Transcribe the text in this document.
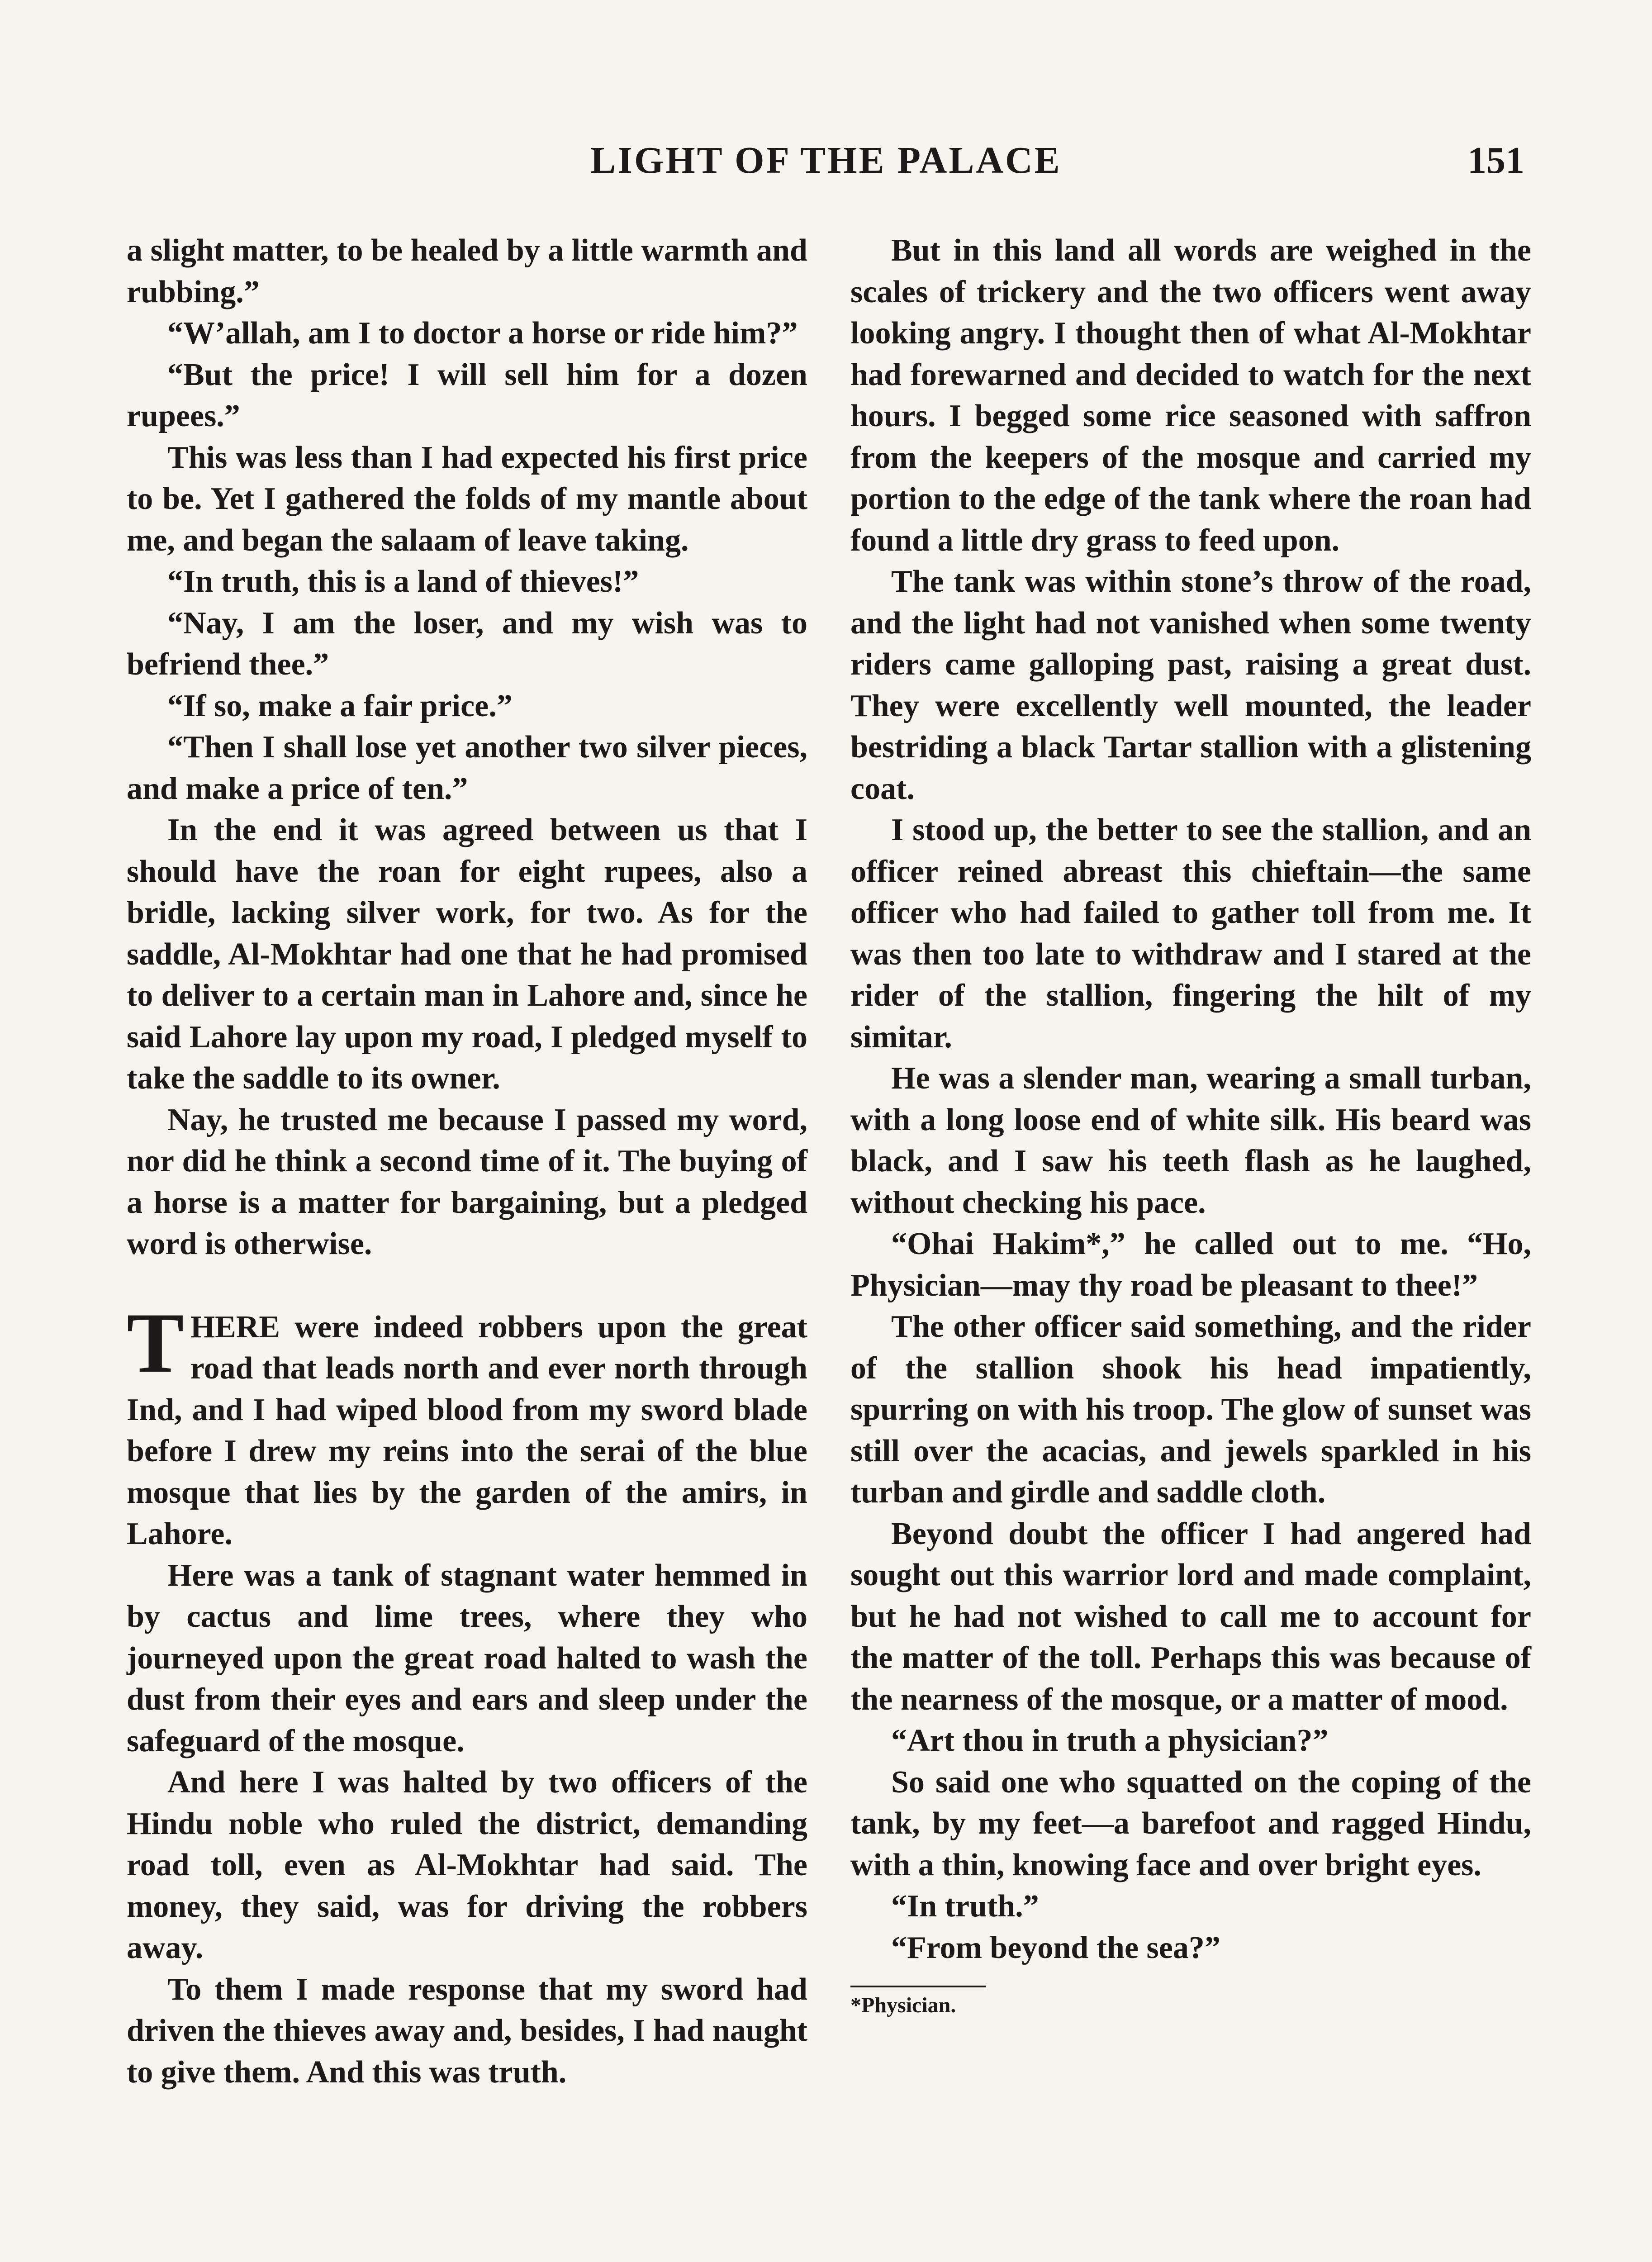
LIGHT OF THE PALACE	151

a slight matter, to be healed by a little warmth and rubbing.”

“W’allah, am I to doctor a horse or ride him?”

“But the price! I will sell him for a dozen rupees.”

This was less than I had expected his first price to be. Yet I gathered the folds of my mantle about me, and began the salaam of leave taking.

“In truth, this is a land of thieves!”

“Nay, I am the loser, and my wish was to befriend thee.”

“If so, make a fair price.”

“Then I shall lose yet another two silver pieces, and make a price of ten.”

In the end it was agreed between us that I should have the roan for eight rupees, also a bridle, lacking silver work, for two. As for the saddle, Al-Mokhtar had one that he had promised to deliver to a certain man in Lahore and, since he said Lahore lay upon my road, I pledged myself to take the saddle to its owner.

Nay, he trusted me because I passed my word, nor did he think a second time of it. The buying of a horse is a matter for bargaining, but a pledged word is otherwise.

THERE were indeed robbers upon the great road that leads north and ever north through Ind, and I had wiped blood from my sword blade before I drew my reins into the serai of the blue mosque that lies by the garden of the amirs, in Lahore.

Here was a tank of stagnant water hemmed in by cactus and lime trees, where they who journeyed upon the great road halted to wash the dust from their eyes and ears and sleep under the safeguard of the mosque.

And here I was halted by two officers of the Hindu noble who ruled the district, demanding road toll, even as Al-Mokhtar had said. The money, they said, was for driving the robbers away.

To them I made response that my sword had driven the thieves away and, besides, I had naught to give them. And this was truth.

But in this land all words are weighed in the scales of trickery and the two officers went away looking angry. I thought then of what Al-Mokhtar had forewarned and decided to watch for the next hours. I begged some rice seasoned with saffron from the keepers of the mosque and carried my portion to the edge of the tank where the roan had found a little dry grass to feed upon.

The tank was within stone’s throw of the road, and the light had not vanished when some twenty riders came galloping past, raising a great dust. They were excellently well mounted, the leader bestriding a black Tartar stallion with a glistening coat.

I stood up, the better to see the stallion, and an officer reined abreast this chieftain—the same officer who had failed to gather toll from me. It was then too late to withdraw and I stared at the rider of the stallion, fingering the hilt of my simitar.

He was a slender man, wearing a small turban, with a long loose end of white silk. His beard was black, and I saw his teeth flash as he laughed, without checking his pace.

“Ohai Hakim*,” he called out to me. “Ho, Physician—may thy road be pleasant to thee!”

The other officer said something, and the rider of the stallion shook his head impatiently, spurring on with his troop. The glow of sunset was still over the acacias, and jewels sparkled in his turban and girdle and saddle cloth.

Beyond doubt the officer I had angered had sought out this warrior lord and made complaint, but he had not wished to call me to account for the matter of the toll. Perhaps this was because of the nearness of the mosque, or a matter of mood.

“Art thou in truth a physician?”

So said one who squatted on the coping of the tank, by my feet—a barefoot and ragged Hindu, with a thin, knowing face and over bright eyes.

“In truth.”

“From beyond the sea?”

*Physician.
